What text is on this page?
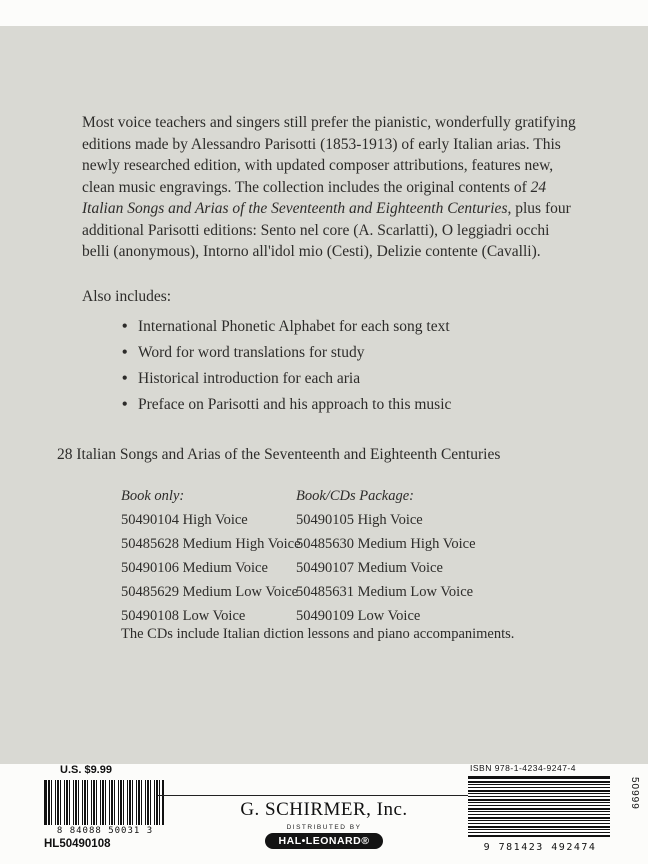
Most voice teachers and singers still prefer the pianistic, wonderfully gratifying editions made by Alessandro Parisotti (1853-1913) of early Italian arias. This newly researched edition, with updated composer attributions, features new, clean music engravings. The collection includes the original contents of 24 Italian Songs and Arias of the Seventeenth and Eighteenth Centuries, plus four additional Parisotti editions: Sento nel core (A. Scarlatti), O leggiadri occhi belli (anonymous), Intorno all'idol mio (Cesti), Delizie contente (Cavalli).

Also includes:
• International Phonetic Alphabet for each song text
• Word for word translations for study
• Historical introduction for each aria
• Preface on Parisotti and his approach to this music
28 Italian Songs and Arias of the Seventeenth and Eighteenth Centuries
Book only:
50490104 High Voice
50485628 Medium High Voice
50490106 Medium Voice
50485629 Medium Low Voice
50490108 Low Voice
Book/CDs Package:
50490105 High Voice
50485630 Medium High Voice
50490107 Medium Voice
50485631 Medium Low Voice
50490109 Low Voice
The CDs include Italian diction lessons and piano accompaniments.
U.S. $9.99
8 84088 50031 3
HL50490108
G. SCHIRMER, Inc.
DISTRIBUTED BY
HAL•LEONARD®
ISBN 978-1-4234-9247-4
50999
9 781423 492474
